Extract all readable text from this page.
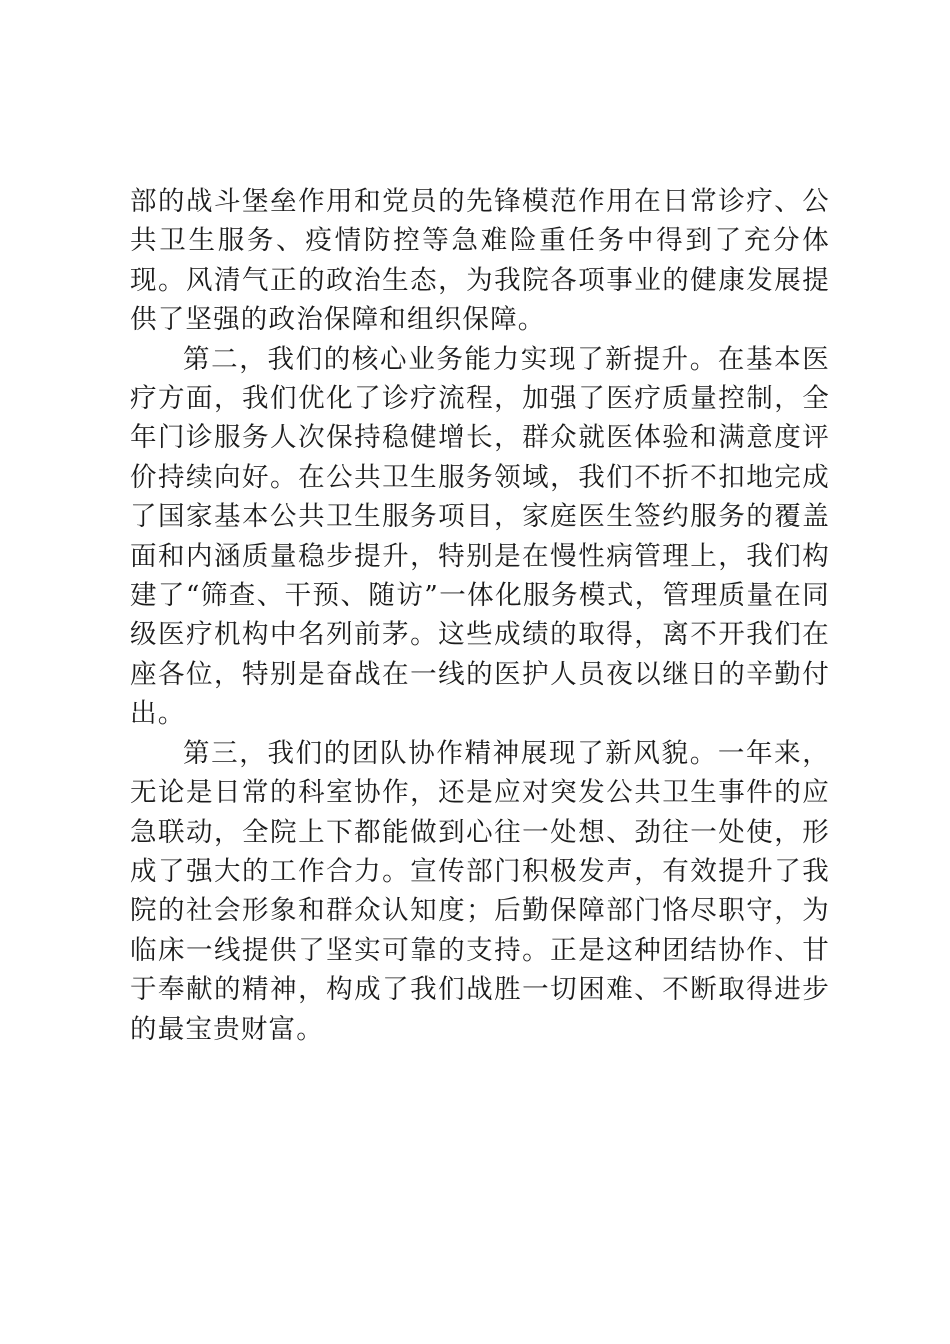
部的战斗堡垒作用和党员的先锋模范作用在日常诊疗、公共卫生服务、疫情防控等急难险重任务中得到了充分体现。风清气正的政治生态，为我院各项事业的健康发展提供了坚强的政治保障和组织保障。

第二，我们的核心业务能力实现了新提升。在基本医疗方面，我们优化了诊疗流程，加强了医疗质量控制，全年门诊服务人次保持稳健增长，群众就医体验和满意度评价持续向好。在公共卫生服务领域，我们不折不扣地完成了国家基本公共卫生服务项目，家庭医生签约服务的覆盖面和内涵质量稳步提升，特别是在慢性病管理上，我们构建了“筛查、干预、随访”一体化服务模式，管理质量在同级医疗机构中名列前茅。这些成绩的取得，离不开我们在座各位，特别是奋战在一线的医护人员夜以继日的辛勤付出。

第三，我们的团队协作精神展现了新风貌。一年来，无论是日常的科室协作，还是应对突发公共卫生事件的应急联动，全院上下都能做到心往一处想、劲往一处使，形成了强大的工作合力。宣传部门积极发声，有效提升了我院的社会形象和群众认知度；后勤保障部门恪尽职守，为临床一线提供了坚实可靠的支持。正是这种团结协作、甘于奉献的精神，构成了我们战胜一切困难、不断取得进步的最宝贵财富。
